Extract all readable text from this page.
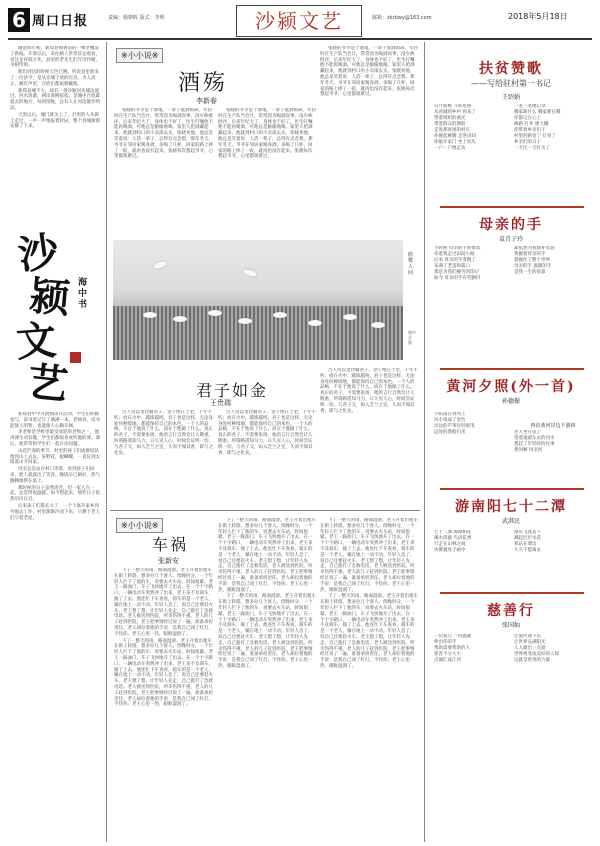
6 周口日报	责编：杨朝晖 版式：李明	沙颍文艺	邮箱：zkrbwy@163.com	2018年5月18日

谢沧海年初，新郑县衙署前的一棵老槐发了新枝。开春以后，来往路人常常驻足观看，说这是祥瑞之兆。县里的老先生们写诗作赋，争相传颂。

他们到达的时候天色已晚，听说县里新来了一位县令，是从京城下放的官员，为人清正，颇有声望，百姓们都很拥戴他。

新郑县城不大，却有一条沙颍河从城边流过。河水清澈，两岸垂柳依依，是城中百姓最爱去的地方。每到傍晚，总有人在河边散步纳凉。

天黑以后，城门就关上了，打更的人从街上走过，一声一声地报着时辰，整个县城渐渐安静了下来。

沙
颍
文
艺
海中书

新郑县中学开展阅读月活动，学生们积极参与，读书笔记写了满满一本。老师说，读书能使人明智，也能使人心胸开阔。

李老师是学校里最受欢迎的老师之一，他讲课生动有趣，学生们都很喜欢听他的课。课后，他常常和学生们一起讨论问题。

山花烂漫的季节，村里的孩子们成群结队地到山上去玩，采野花，捉蝴蝶，一直玩到太阳落山才回家。

母亲总是站在村口等着，看到孩子们回来，脸上就露出了笑容。晚饭早已做好，热气腾腾地摆在桌上。

那时候的日子虽然清苦，但一家人在一起，总觉得很温暖。如今想起来，那些日子依然历历在目。

后来孩子们都长大了，一个个离开家乡到外地去工作，村里渐渐冷清下来，只剩下老人们守着老屋。

※小小说※
酒殇
李新春

张晓的爷爷是个酒鬼，一辈子爱酒如命。年轻时在生产队当会计，常常因为喝酒误事，没少挨批评。后来年纪大了，身体也不好了，医生叮嘱他不能再喝酒，可他总是偷偷地喝。家里人把酒藏起来，他就到村口的小卖部去买。张晓劝他，他总是笑着说：人活一辈子，总得有点念想。那年冬天，爷爷在邻居家喝喜酒，多喝了几杯，回家的路上摔了一跤，就再也没有起来。张晓每次想起爷爷，心里都很难过。

张晓的爷爷是个酒鬼，一辈子爱酒如命。年轻时在生产队当会计，常常因为喝酒误事，没少挨批评。后来年纪大了，身体也不好了，医生叮嘱他不能再喝酒，可他总是偷偷地喝。家里人把酒藏起来，他就到村口的小卖部去买。张晓劝他，他总是笑着说：人活一辈子，总得有点念想。那年冬天，爷爷在邻居家喝喜酒，多喝了几杯，回家的路上摔了一跤，就再也没有起来。张晓每次想起爷爷，心里都很难过。

张晓的爷爷是个酒鬼，一辈子爱酒如命。年轻时在生产队当会计，常常因为喝酒误事，没少挨批评。后来年纪大了，身体也不好了，医生叮嘱他不能再喝酒，可他总是偷偷地喝。家里人把酒藏起来，他就到村口的小卖部去买。张晓劝他，他总是笑着说：人活一辈子，总得有点念想。那年冬天，爷爷在邻居家喝喜酒，多喝了几杯，回家的路上摔了一跤，就再也没有起来。张晓每次想起爷爷，心里都很难过。

鸥鹭人间
谢中武 摄
君子如金
王贵瑞

古人常以金比喻君子。金子埋在土里，千年不朽；放在火中，越炼越纯。君子也是这样，无论身处何种境地，都能保持自己的本色。一个人的品格，不在于他说了什么，而在于他做了什么。真正的君子，不需要张扬，他的言行自然会让人敬重。所谓路遥知马力，日久见人心，时间会证明一切。与君子交，如入芝兰之室，久而不闻其香，即与之化矣。

古人常以金比喻君子。金子埋在土里，千年不朽；放在火中，越炼越纯。君子也是这样，无论身处何种境地，都能保持自己的本色。一个人的品格，不在于他说了什么，而在于他做了什么。真正的君子，不需要张扬，他的言行自然会让人敬重。所谓路遥知马力，日久见人心，时间会证明一切。与君子交，如入芝兰之室，久而不闻其香，即与之化矣。

古人常以金比喻君子。金子埋在土里，千年不朽；放在火中，越炼越纯。君子也是这样，无论身处何种境地，都能保持自己的本色。一个人的品格，不在于他说了什么，而在于他做了什么。真正的君子，不需要张扬，他的言行自然会让人敬重。所谓路遥知马力，日久见人心，时间会证明一切。与君子交，如入芝兰之室，久而不闻其香，即与之化矣。

※小小说※
车祸
张新安

下了一整天的雨，路面湿滑。老王开着出租车在街上转悠，想多拉几个客人。傍晚时分，一个年轻人拦下了他的车，说要去火车站，时间很紧。老王一踩油门，车子飞快地开了出去。在一个十字路口，一辆电动车突然冲了出来，老王来不及刹车，撞了上去。他连忙下车查看，骑车的是一个老人，躺在地上一动不动。年轻人急了，说自己还要赶火车。老王想了想，让年轻人先走，自己拨打了急救电话。老人被送到医院，所幸伤得不重。老人的儿子赶到医院，老王把事情经过说了一遍，准备承担责任。老人却拉着他的手说：是我自己闯了红灯，不怪你。老王心里一热，眼眶湿润了。

下了一整天的雨，路面湿滑。老王开着出租车在街上转悠，想多拉几个客人。傍晚时分，一个年轻人拦下了他的车，说要去火车站，时间很紧。老王一踩油门，车子飞快地开了出去。在一个十字路口，一辆电动车突然冲了出来，老王来不及刹车，撞了上去。他连忙下车查看，骑车的是一个老人，躺在地上一动不动。年轻人急了，说自己还要赶火车。老王想了想，让年轻人先走，自己拨打了急救电话。老人被送到医院，所幸伤得不重。老人的儿子赶到医院，老王把事情经过说了一遍，准备承担责任。老人却拉着他的手说：是我自己闯了红灯，不怪你。老王心里一热，眼眶湿润了。

下了一整天的雨，路面湿滑。老王开着出租车在街上转悠，想多拉几个客人。傍晚时分，一个年轻人拦下了他的车，说要去火车站，时间很紧。老王一踩油门，车子飞快地开了出去。在一个十字路口，一辆电动车突然冲了出来，老王来不及刹车，撞了上去。他连忙下车查看，骑车的是一个老人，躺在地上一动不动。年轻人急了，说自己还要赶火车。老王想了想，让年轻人先走，自己拨打了急救电话。老人被送到医院，所幸伤得不重。老人的儿子赶到医院，老王把事情经过说了一遍，准备承担责任。老人却拉着他的手说：是我自己闯了红灯，不怪你。老王心里一热，眼眶湿润了。

下了一整天的雨，路面湿滑。老王开着出租车在街上转悠，想多拉几个客人。傍晚时分，一个年轻人拦下了他的车，说要去火车站，时间很紧。老王一踩油门，车子飞快地开了出去。在一个十字路口，一辆电动车突然冲了出来，老王来不及刹车，撞了上去。他连忙下车查看，骑车的是一个老人，躺在地上一动不动。年轻人急了，说自己还要赶火车。老王想了想，让年轻人先走，自己拨打了急救电话。老人被送到医院，所幸伤得不重。老人的儿子赶到医院，老王把事情经过说了一遍，准备承担责任。老人却拉着他的手说：是我自己闯了红灯，不怪你。老王心里一热，眼眶湿润了。

下了一整天的雨，路面湿滑。老王开着出租车在街上转悠，想多拉几个客人。傍晚时分，一个年轻人拦下了他的车，说要去火车站，时间很紧。老王一踩油门，车子飞快地开了出去。在一个十字路口，一辆电动车突然冲了出来，老王来不及刹车，撞了上去。他连忙下车查看，骑车的是一个老人，躺在地上一动不动。年轻人急了，说自己还要赶火车。老王想了想，让年轻人先走，自己拨打了急救电话。老人被送到医院，所幸伤得不重。老人的儿子赶到医院，老王把事情经过说了一遍，准备承担责任。老人却拉着他的手说：是我自己闯了红灯，不怪你。老王心里一热，眼眶湿润了。

下了一整天的雨，路面湿滑。老王开着出租车在街上转悠，想多拉几个客人。傍晚时分，一个年轻人拦下了他的车，说要去火车站，时间很紧。老王一踩油门，车子飞快地开了出去。在一个十字路口，一辆电动车突然冲了出来，老王来不及刹车，撞了上去。他连忙下车查看，骑车的是一个老人，躺在地上一动不动。年轻人急了，说自己还要赶火车。老王想了想，让年轻人先走，自己拨打了急救电话。老人被送到医院，所幸伤得不重。老人的儿子赶到医院，老王把事情经过说了一遍，准备承担责任。老人却拉着他的手说：是我自己闯了红灯，不怪你。老王心里一热，眼眶湿润了。

扶贫赞歌
——写给驻村第一书记
王绍娟
日月如梭 斗转星移
从省城到乡村 你来了
带着组织的重托
带着群众的期盼
走进那贫困的村庄
你挽起裤腿 走进田间
你敲开家门 坐上炕头
一户一户地走访
一笔一笔地记录
哪家缺什么 哪家难在哪
你都记在心上
修路 打井 建大棚
你带着乡亲们干
村里的路宽了 灯亮了
乡亲们的日子
一天比一天红火了
母亲的手
袁青子玲
小时候 母亲的手很柔软
牵着我走过田间小路
后来 母亲的手变粗了
布满了老茧和裂口
那是为我们操劳的印记
如今 母亲的手有些颤抖
却依然为我缝补衣裳
我握着母亲的手
就握住了整个世界
母亲的手 温暖的手
是我一生的依靠
黄河夕照(外一首)
孙德振
再访黄河岸边下游林
夕阳落在黄河上
河水染成了金色
岸边的芦苇轻轻摇曳
远处的渔船归来	老人坐在堤上
望着滚滚东去的河水
想起了年轻时的往事
黄河啊 母亲河
游南阳七十二潭
武淇民
七十二潭 潭潭相连
溪水清澈 鸟语花香
行走在山林之间
仿佛置身于画中
瀑布飞流直下
溅起层层水花
我站在潭边
久久不愿离去
慈善行
张国灿
一份爱心 一份温暖
伸出你的手
帮助需要帮助的人
慈善不分大小
点滴汇成江河
让爱传递下去
让世界充满阳光
人人献出一点爱
世界将变成美好的人间
这就是慈善的力量
